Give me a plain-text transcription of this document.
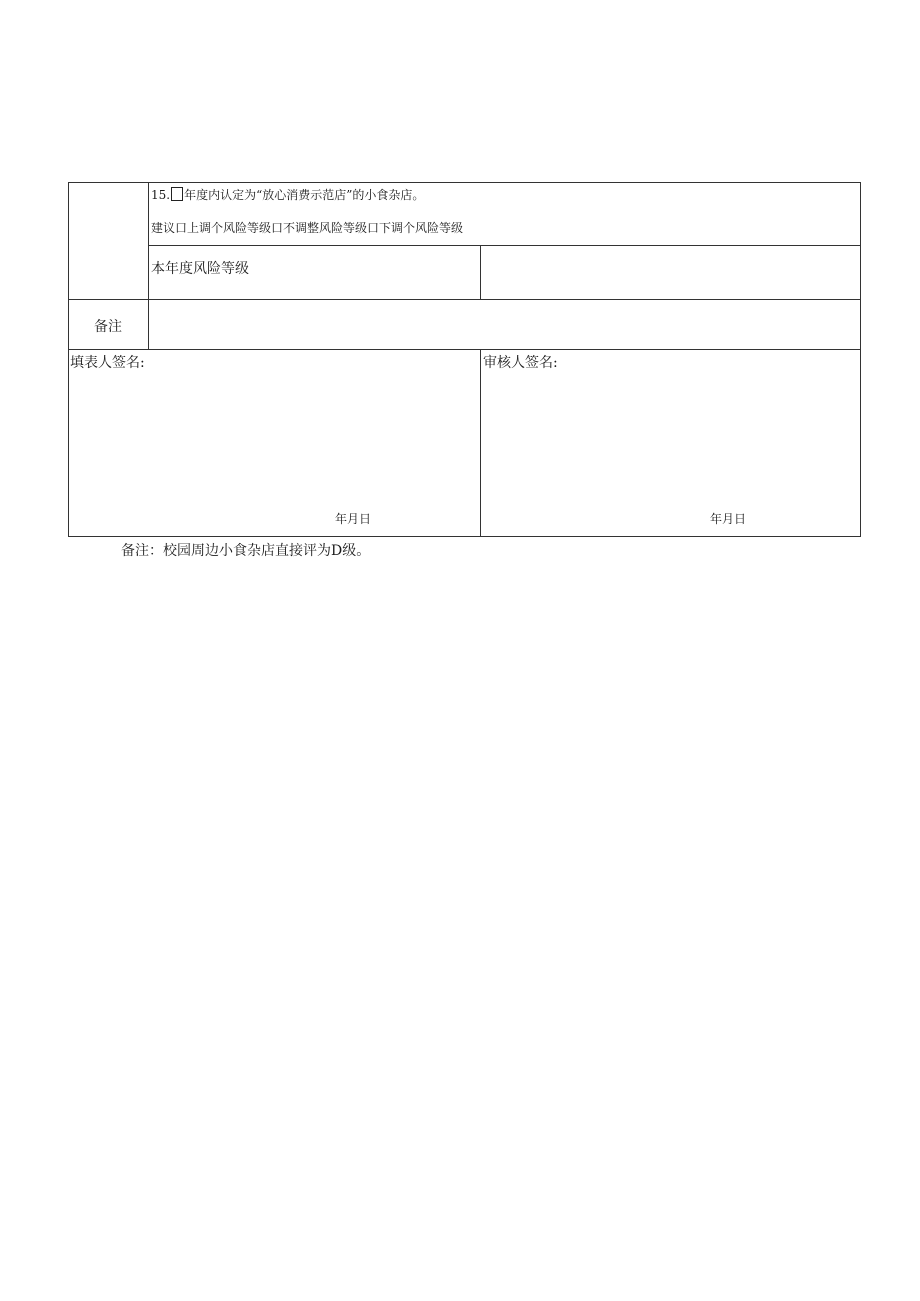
15. 年度内认定为“放心消费示范店”的小食杂店。
建议口上调个风险等级口不调整风险等级口下调个风险等级
本年度风险等级
备注
填表人签名:
年月日
审核人签名:
年月日
备注：校园周边小食杂店直接评为D级。
